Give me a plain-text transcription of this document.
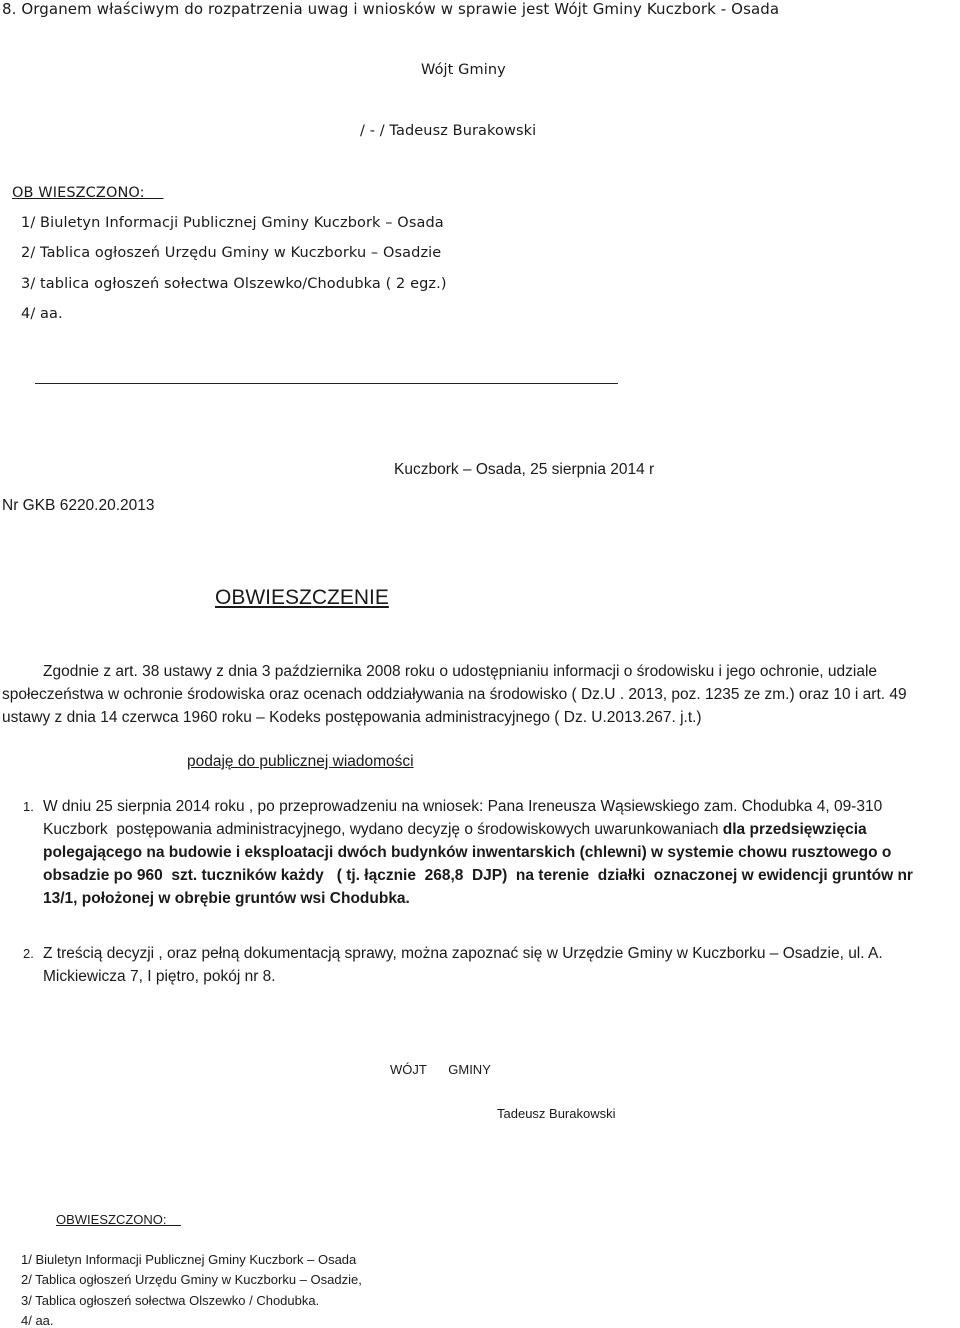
8. Organem właściwym do rozpatrzenia uwag i wniosków w sprawie jest Wójt Gminy Kuczbork - Osada
Wójt Gminy
/ - / Tadeusz Burakowski
OB WIESZCZONO:
1/ Biuletyn Informacji Publicznej Gminy Kuczbork – Osada
2/ Tablica ogłoszeń Urzędu Gminy w Kuczborku – Osadzie
3/ tablica ogłoszeń sołectwa Olszewko/Chodubka ( 2 egz.)
4/ aa.
Kuczbork – Osada, 25 sierpnia 2014 r
Nr GKB 6220.20.2013
OBWIESZCZENIE
Zgodnie z art. 38 ustawy z dnia 3 października 2008 roku o udostępnianiu informacji o środowisku i jego ochronie, udziale
społeczeństwa w ochronie środowiska oraz ocenach oddziaływania na środowisko ( Dz.U . 2013, poz. 1235 ze zm.) oraz 10 i art. 49
ustawy z dnia 14 czerwca 1960 roku – Kodeks postępowania administracyjnego ( Dz. U.2013.267. j.t.)
podaję do publicznej wiadomości
1. W dniu 25 sierpnia 2014 roku , po przeprowadzeniu na wniosek: Pana Ireneusza Wąsiewskiego zam. Chodubka 4, 09-310
Kuczbork  postępowania administracyjnego, wydano decyzję o środowiskowych uwarunkowaniach dla przedsięwzięcia
polegającego na budowie i eksploatacji dwóch budynków inwentarskich (chlewni) w systemie chowu rusztowego o
obsadzie po 960  szt. tuczników każdy   ( tj. łącznie  268,8  DJP)  na terenie  działki  oznaczonej w ewidencji gruntów nr
13/1, położonej w obrębie gruntów wsi Chodubka.
2. Z treścią decyzji , oraz pełną dokumentacją sprawy, można zapoznać się w Urzędzie Gminy w Kuczborku – Osadzie, ul. A.
Mickiewicza 7, I piętro, pokój nr 8.
WÓJT      GMINY
Tadeusz Burakowski
OBWIESZCZONO:
1/ Biuletyn Informacji Publicznej Gminy Kuczbork – Osada
2/ Tablica ogłoszeń Urzędu Gminy w Kuczborku – Osadzie,
3/ Tablica ogłoszeń sołectwa Olszewko / Chodubka.
4/ aa.
